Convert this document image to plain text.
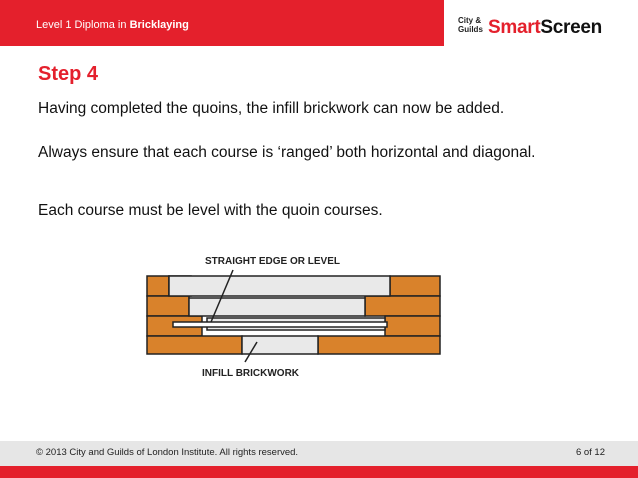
Level 1 Diploma in Bricklaying	City &
Guilds SmartScreen
Step 4
Having completed the quoins, the infill brickwork can now be added.
Always ensure that each course is ‘ranged’ both horizontal and diagonal.
Each course must be level with the quoin courses.
STRAIGHT EDGE OR LEVEL
INFILL BRICKWORK
© 2013 City and Guilds of London Institute. All rights reserved.	6 of 12
